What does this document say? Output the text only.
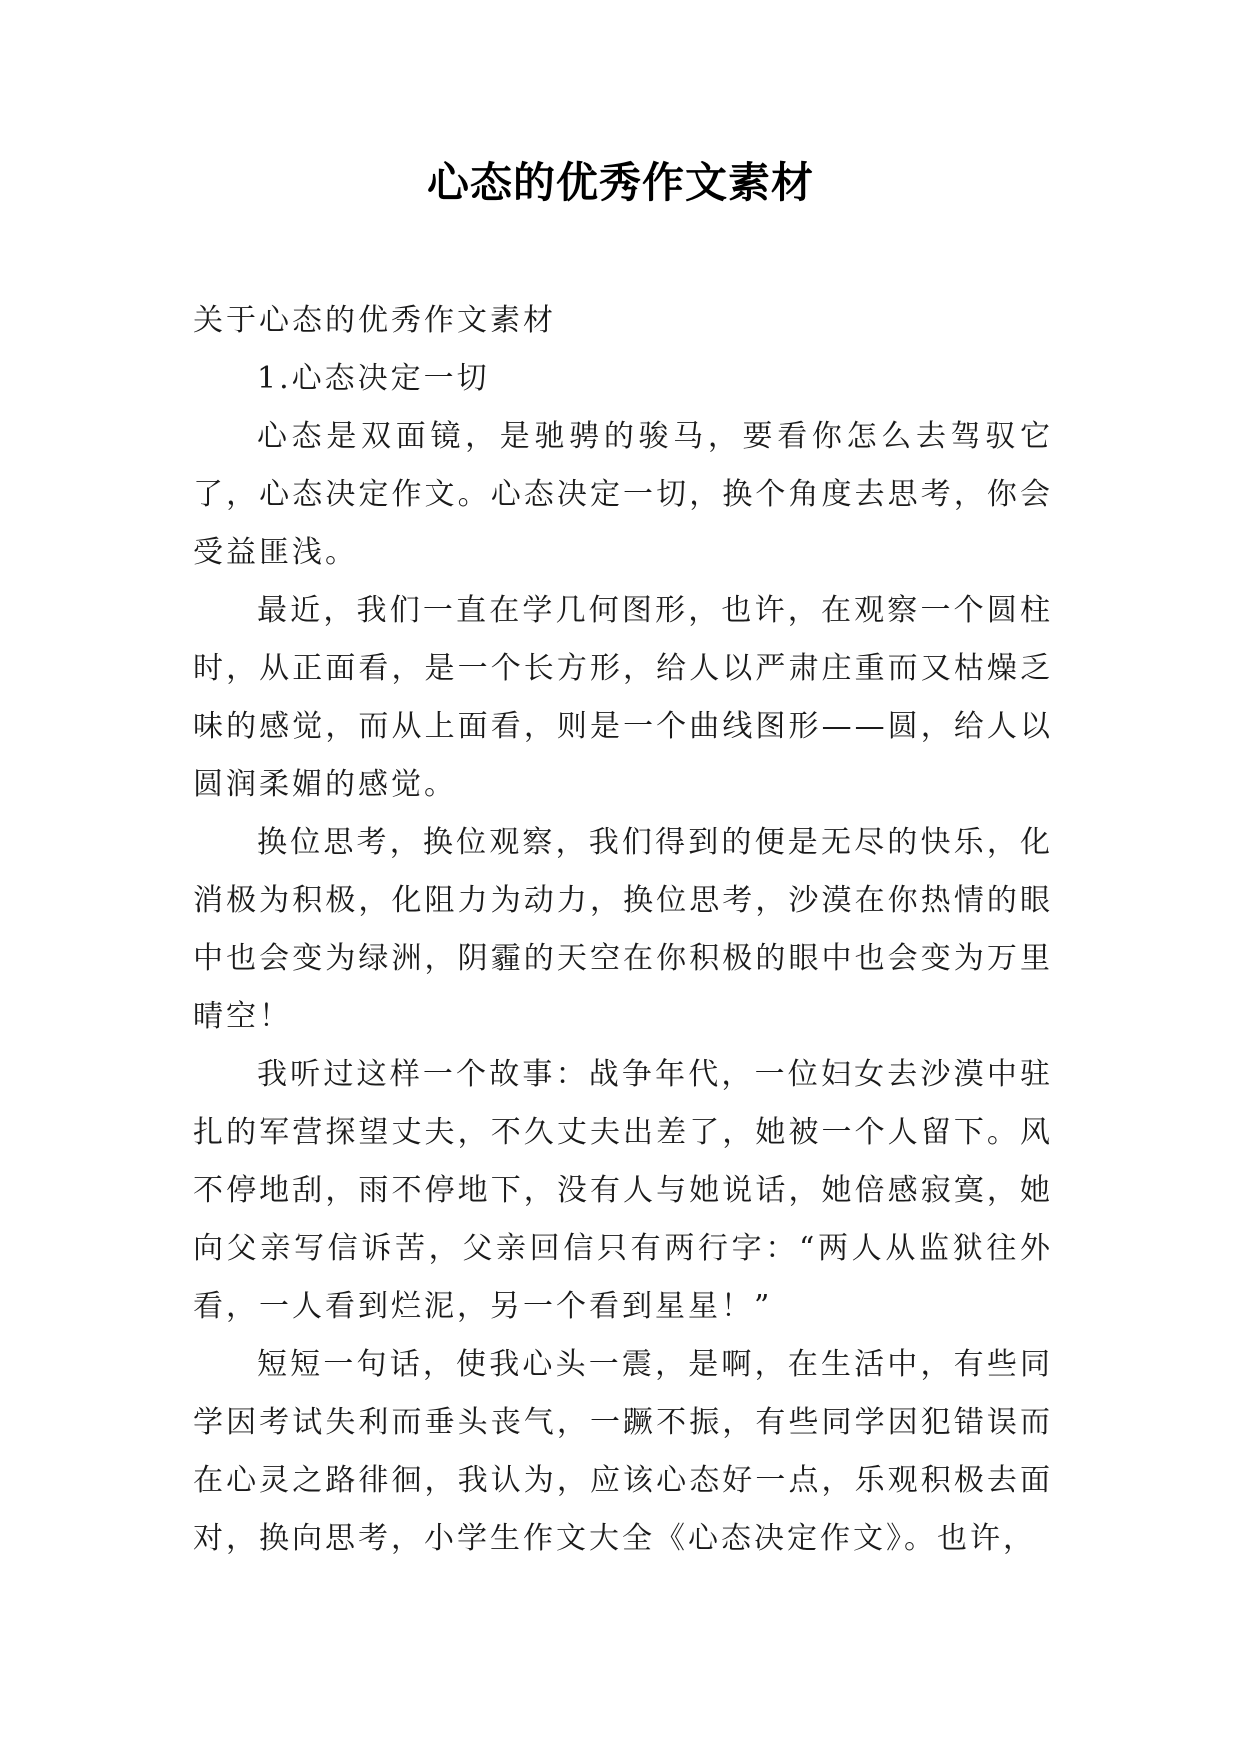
心态的优秀作文素材

关于心态的优秀作文素材

1.心态决定一切

心态是双面镜，是驰骋的骏马，要看你怎么去驾驭它了，心态决定作文。心态决定一切，换个角度去思考，你会受益匪浅。

最近，我们一直在学几何图形，也许，在观察一个圆柱时，从正面看，是一个长方形，给人以严肃庄重而又枯燥乏味的感觉，而从上面看，则是一个曲线图形——圆，给人以圆润柔媚的感觉。

换位思考，换位观察，我们得到的便是无尽的快乐，化消极为积极，化阻力为动力，换位思考，沙漠在你热情的眼中也会变为绿洲，阴霾的天空在你积极的眼中也会变为万里晴空！

我听过这样一个故事：战争年代，一位妇女去沙漠中驻扎的军营探望丈夫，不久丈夫出差了，她被一个人留下。风不停地刮，雨不停地下，没有人与她说话，她倍感寂寞，她向父亲写信诉苦，父亲回信只有两行字：“两人从监狱往外看，一人看到烂泥，另一个看到星星！”

短短一句话，使我心头一震，是啊，在生活中，有些同学因考试失利而垂头丧气，一蹶不振，有些同学因犯错误而在心灵之路徘徊，我认为，应该心态好一点，乐观积极去面对，换向思考，小学生作文大全《心态决定作文》。也许，
